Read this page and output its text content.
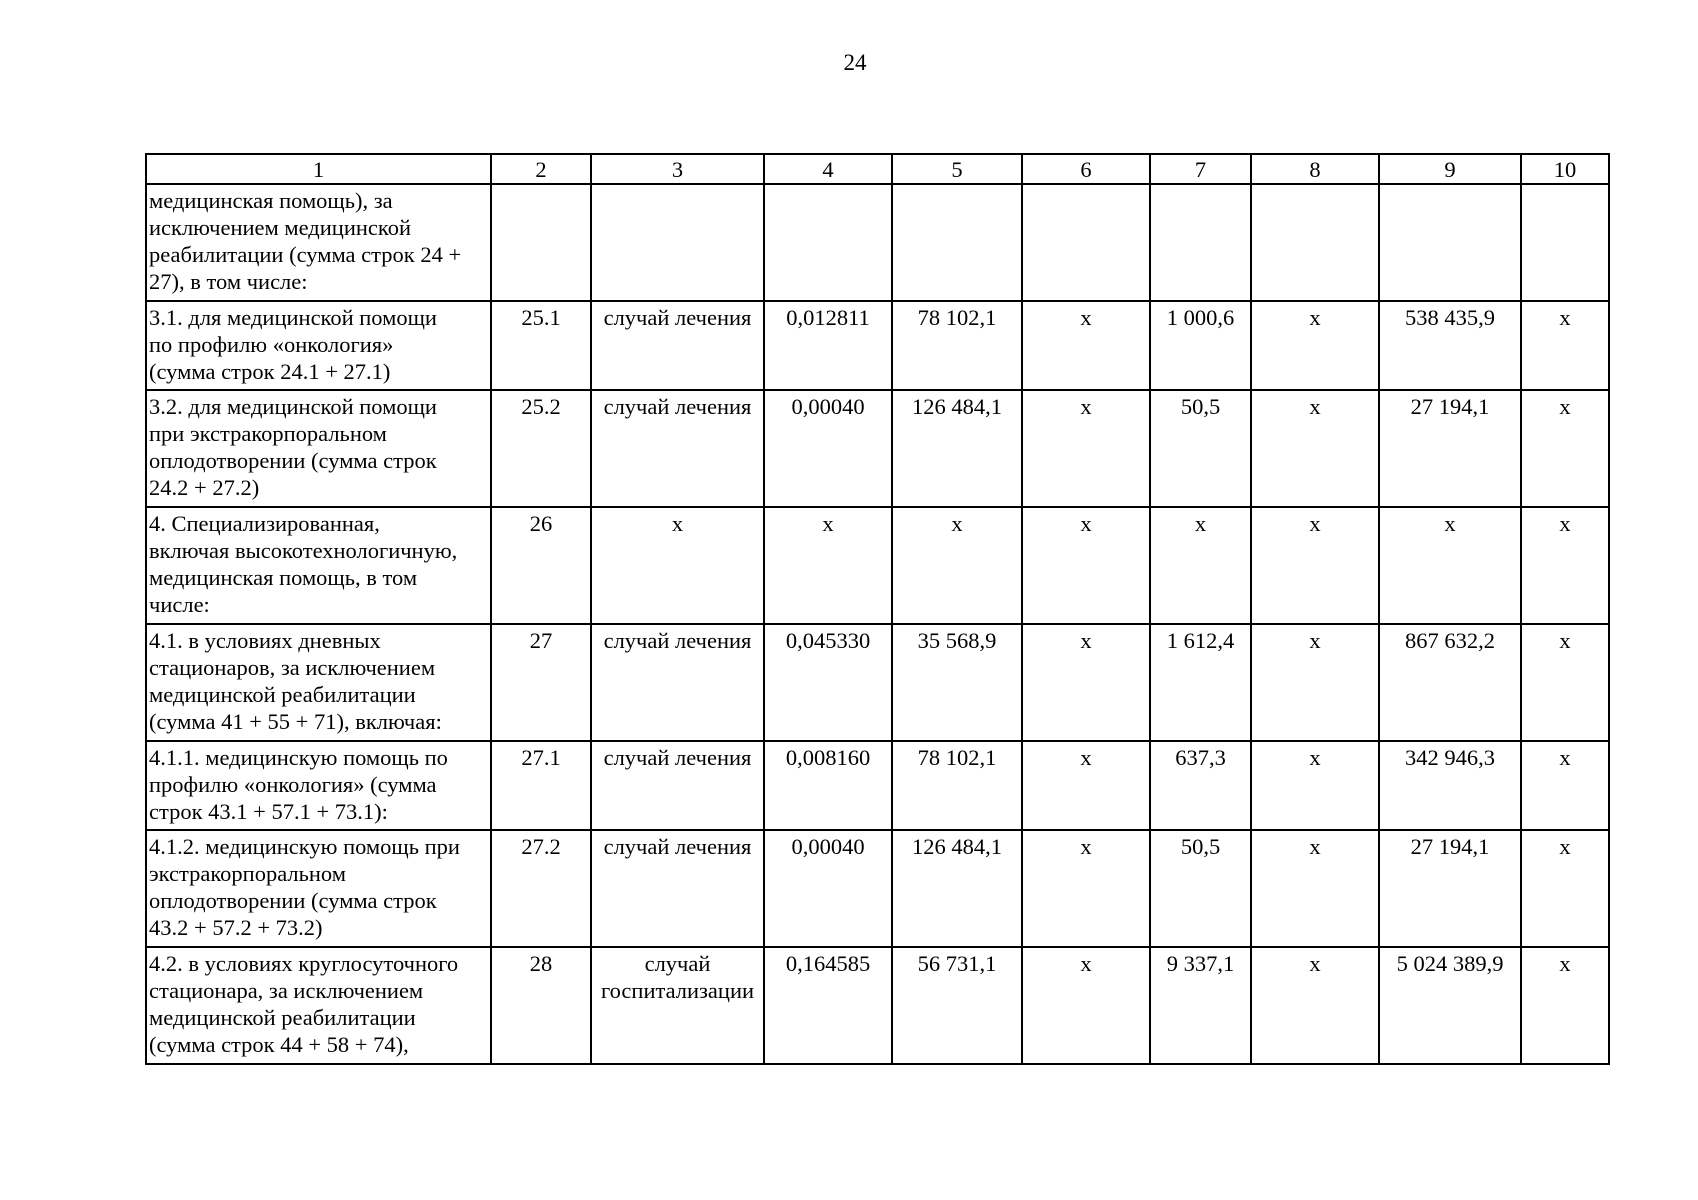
24
1	2	3	4	5	6	7	8	9	10

медицинская помощь), за
исключением медицинской
реабилитации (сумма строк 24 +
27), в том числе:									

3.1. для медицинской помощи
по профилю «онкология»
(сумма строк 24.1 + 27.1)	25.1	случай лечения	0,012811	78 102,1	х	1 000,6	х	538 435,9	х

3.2. для медицинской помощи
при экстракорпоральном
оплодотворении (сумма строк
24.2 + 27.2)	25.2	случай лечения	0,00040	126 484,1	х	50,5	х	27 194,1	х

4. Специализированная,
включая высокотехнологичную,
медицинская помощь, в том
числе:	26	х	х	х	х	х	х	х	х

4.1. в условиях дневных
стационаров, за исключением
медицинской реабилитации
(сумма 41 + 55 + 71), включая:	27	случай лечения	0,045330	35 568,9	х	1 612,4	х	867 632,2	х

4.1.1. медицинскую помощь по
профилю «онкология» (сумма
строк 43.1 + 57.1 + 73.1):	27.1	случай лечения	0,008160	78 102,1	х	637,3	х	342 946,3	х

4.1.2. медицинскую помощь при
экстракорпоральном
оплодотворении (сумма строк
43.2 + 57.2 + 73.2)	27.2	случай лечения	0,00040	126 484,1	х	50,5	х	27 194,1	х

4.2. в условиях круглосуточного
стационара, за исключением
медицинской реабилитации
(сумма строк 44 + 58 + 74),	28	случай госпитализации	0,164585	56 731,1	х	9 337,1	х	5 024 389,9	х
